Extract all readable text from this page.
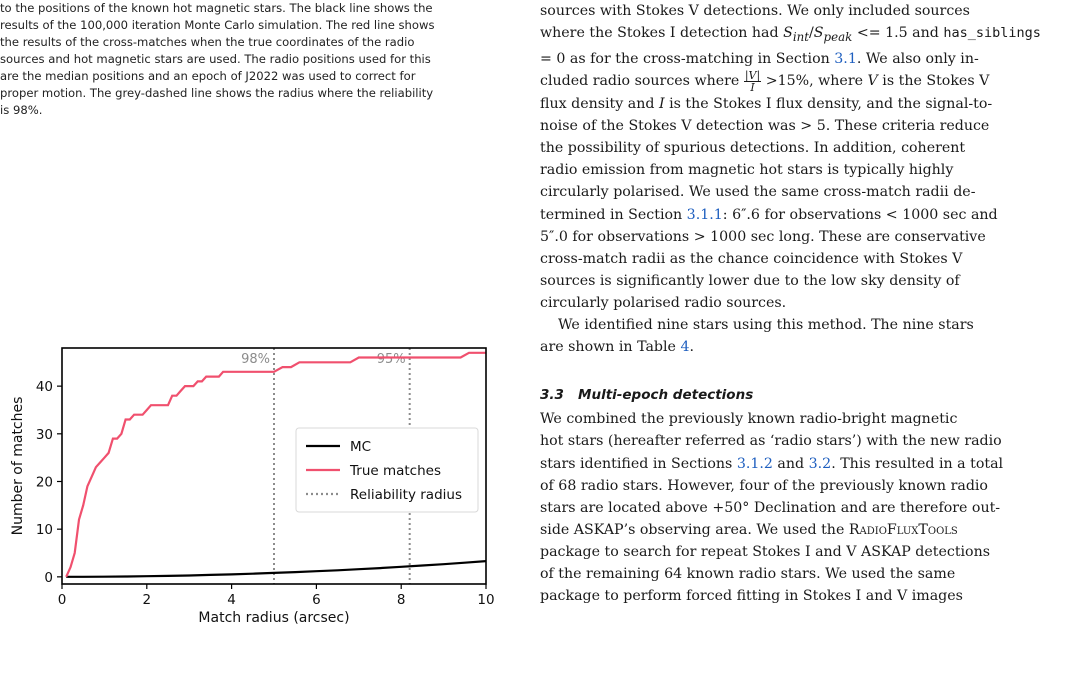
to the positions of the known hot magnetic stars. The black line shows the

results of the 100,000 iteration Monte Carlo simulation. The red line shows

the results of the cross-matches when the true coordinates of the radio

sources and hot magnetic stars are used. The radio positions used for this

are the median positions and an epoch of J2022 was used to correct for

proper motion. The grey-dashed line shows the radius where the reliability

is 98%.

98%	95%
0	2	4	6	8	10
0
10
20
30
40
Match radius (arcsec)
Number of matches	MC
True matches
Reliability radius

sources with Stokes V detections. We only included sources
where the Stokes I detection had $S_{int}/S_{peak} <= 1.5$ and has_siblings
= 0 as for the cross-matching in Section 3.1. We also only in-
cluded radio sources where $\frac{|V|}{I} >15\%$, where V is the Stokes V
flux density and I is the Stokes I flux density, and the signal-to-
noise of the Stokes V detection was > 5. These criteria reduce
the possibility of spurious detections. In addition, coherent
radio emission from magnetic hot stars is typically highly
circularly polarised. We used the same cross-match radii de-
termined in Section 3.1.1: 6″.6 for observations < 1000 sec and
5″.0 for observations > 1000 sec long. These are conservative
cross-match radii as the chance coincidence with Stokes V
sources is significantly lower due to the low sky density of
circularly polarised radio sources.

We identified nine stars using this method. The nine stars
are shown in Table 4.

3.3 Multi-epoch detections

We combined the previously known radio-bright magnetic
hot stars (hereafter referred as ‘radio stars’) with the new radio
stars identified in Sections 3.1.2 and 3.2. This resulted in a total
of 68 radio stars. However, four of the previously known radio
stars are located above +50° Declination and are therefore out-
side ASKAP’s observing area. We used the RadioFluxTools
package to search for repeat Stokes I and V ASKAP detections
of the remaining 64 known radio stars. We used the same
package to perform forced fitting in Stokes I and V images
